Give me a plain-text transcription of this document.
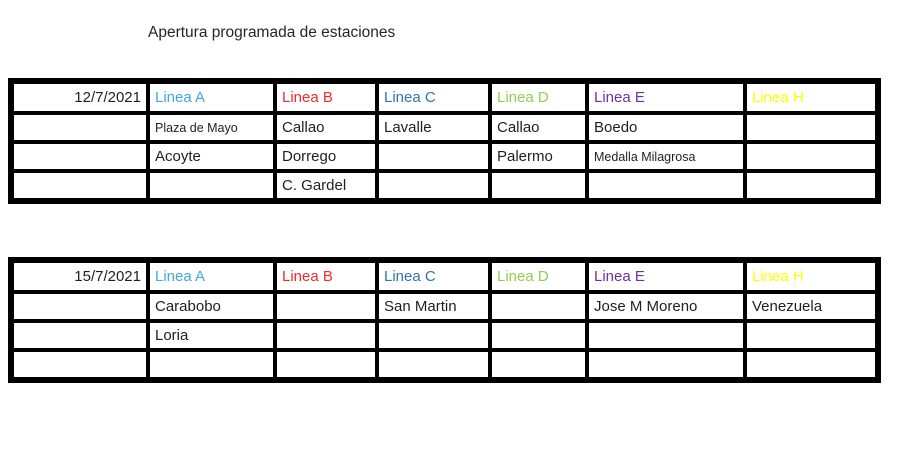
Apertura programada de estaciones
12/7/2021	Linea A	Linea B	Linea C	Linea D	Linea E	Linea H
	Plaza de Mayo	Callao	Lavalle	Callao	Boedo	
	Acoyte	Dorrego		Palermo	Medalla Milagrosa	
		C. Gardel				
15/7/2021	Linea A	Linea B	Linea C	Linea D	Linea E	Linea H
	Carabobo		San Martin		Jose M Moreno	Venezuela
	Loria					
